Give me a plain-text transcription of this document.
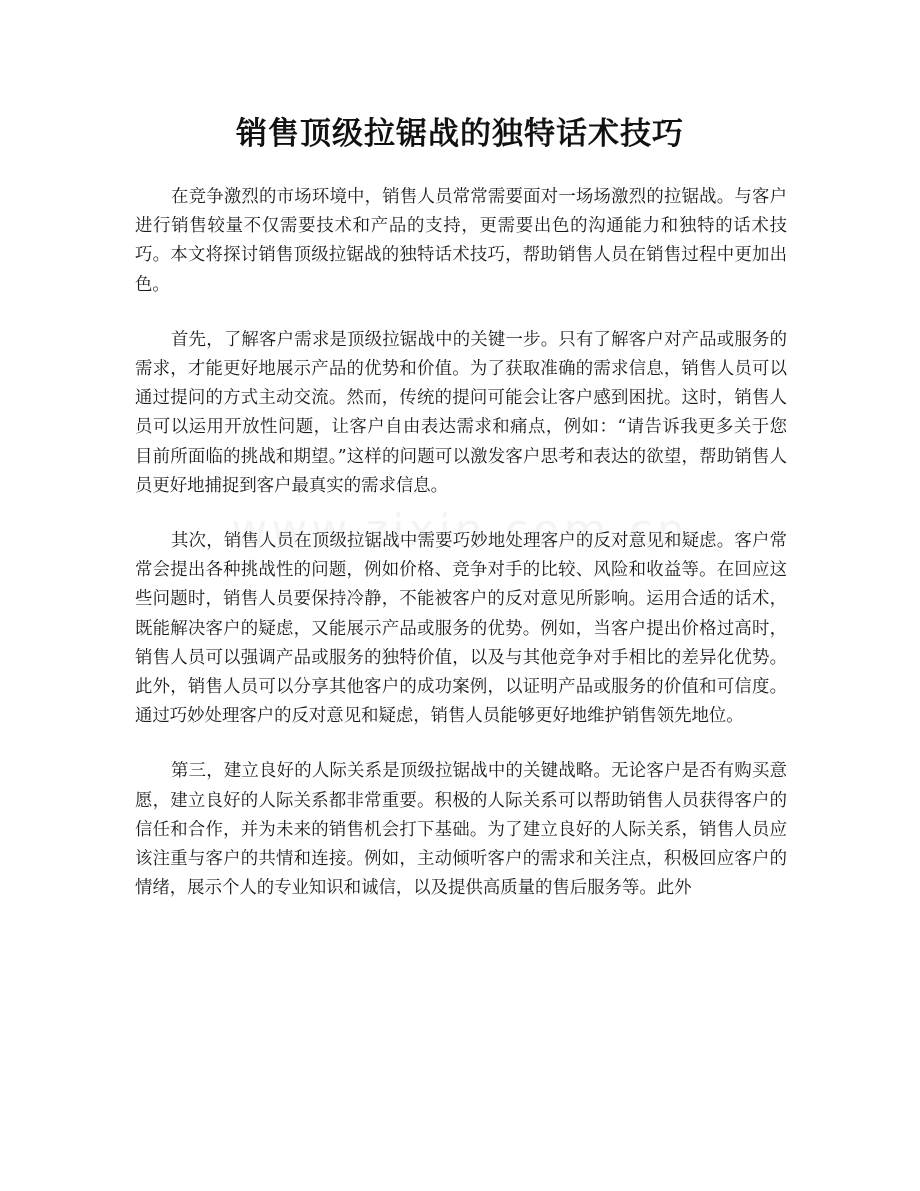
销售顶级拉锯战的独特话术技巧

在竞争激烈的市场环境中，销售人员常常需要面对一场场激烈的拉锯战。与客户进行销售较量不仅需要技术和产品的支持，更需要出色的沟通能力和独特的话术技巧。本文将探讨销售顶级拉锯战的独特话术技巧，帮助销售人员在销售过程中更加出色。

首先，了解客户需求是顶级拉锯战中的关键一步。只有了解客户对产品或服务的需求，才能更好地展示产品的优势和价值。为了获取准确的需求信息，销售人员可以通过提问的方式主动交流。然而，传统的提问可能会让客户感到困扰。这时，销售人员可以运用开放性问题，让客户自由表达需求和痛点，例如：“请告诉我更多关于您目前所面临的挑战和期望。”这样的问题可以激发客户思考和表达的欲望，帮助销售人员更好地捕捉到客户最真实的需求信息。

其次，销售人员在顶级拉锯战中需要巧妙地处理客户的反对意见和疑虑。客户常常会提出各种挑战性的问题，例如价格、竞争对手的比较、风险和收益等。在回应这些问题时，销售人员要保持冷静，不能被客户的反对意见所影响。运用合适的话术，既能解决客户的疑虑，又能展示产品或服务的优势。例如，当客户提出价格过高时，销售人员可以强调产品或服务的独特价值，以及与其他竞争对手相比的差异化优势。此外，销售人员可以分享其他客户的成功案例，以证明产品或服务的价值和可信度。通过巧妙处理客户的反对意见和疑虑，销售人员能够更好地维护销售领先地位。

第三，建立良好的人际关系是顶级拉锯战中的关键战略。无论客户是否有购买意愿，建立良好的人际关系都非常重要。积极的人际关系可以帮助销售人员获得客户的信任和合作，并为未来的销售机会打下基础。为了建立良好的人际关系，销售人员应该注重与客户的共情和连接。例如，主动倾听客户的需求和关注点，积极回应客户的情绪，展示个人的专业知识和诚信，以及提供高质量的售后服务等。此外
